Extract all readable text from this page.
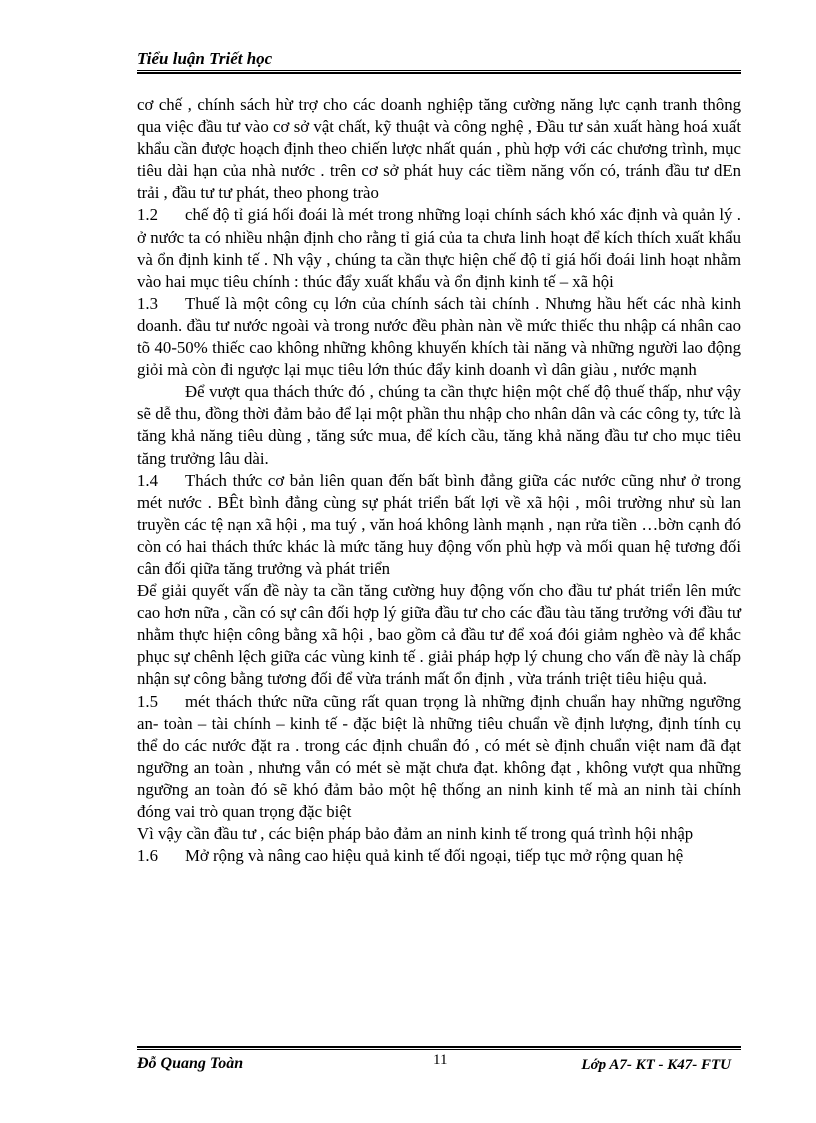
Tiểu luận Triết học

cơ chế , chính sách hừ trợ cho các doanh nghiệp tăng cường năng lực cạnh tranh thông qua việc đầu tư vào cơ sở vật chất, kỹ thuật và công nghệ , Đầu tư sản xuất hàng hoá xuất khẩu cần được hoạch định theo chiến lược nhất quán , phù hợp với các chương trình, mục tiêu dài hạn của nhà nước . trên cơ sở phát huy các tiềm năng vốn có, tránh đầu tư dEn trải , đầu tư tư phát, theo phong trào

1.2 chế độ tỉ giá hối đoái là mét trong những loại chính sách khó xác định và quản lý . ở nước ta có nhiều nhận định cho rằng tỉ giá của ta chưa linh hoạt để kích thích xuất khẩu và ổn định kinh tế . Nh vậy , chúng ta cần thực hiện chế độ tỉ giá hối đoái linh hoạt nhằm vào hai mục tiêu chính : thúc đẩy xuất khẩu và ổn định kinh tế – xã hội

1.3 Thuế là một công cụ lớn của chính sách tài chính . Nhưng hầu hết các nhà kinh doanh. đầu tư nước ngoài và trong nước đều phàn nàn về mức thiếc thu nhập cá nhân cao tõ 40-50% thiếc cao không những không khuyến khích tài năng và những người lao động giỏi mà còn đi ngược lại mục tiêu lớn thúc đẩy kinh doanh vì dân giàu , nước mạnh

Để vượt qua thách thức đó , chúng ta cần thực hiện một chế độ thuế thấp, như vậy sẽ dễ thu, đồng thời đảm bảo để lại một phần thu nhập cho nhân dân và các công ty, tức là tăng khả năng tiêu dùng , tăng sức mua, để kích cầu, tăng khả năng đầu tư cho mục tiêu tăng trưởng lâu dài.

1.4 Thách thức cơ bản liên quan đến bất bình đẳng giữa các nước cũng như ở trong mét nước . BÊt bình đẳng cùng sự phát triển bất lợi về xã hội , môi trường như sù lan truyền các tệ nạn xã hội , ma tuý , văn hoá không lành mạnh , nạn rửa tiền …bờn cạnh đó còn có hai thách thức khác là mức tăng huy động vốn phù hợp và mối quan hệ tương đối cân đối qiữa tăng trưởng và phát triển

Để giải quyết vấn đề này ta cần tăng cường huy động vốn cho đầu tư phát triển lên mức cao hơn nữa , cần có sự cân đối hợp lý giữa đầu tư cho các đầu tàu tăng trưởng với đầu tư nhằm thực hiện công bằng xã hội , bao gồm cả đầu tư để xoá đói giảm nghèo và để khắc phục sự chênh lệch giữa các vùng kinh tế . giải pháp hợp lý chung cho vấn đề này là chấp nhận sự công bằng tương đối để vừa tránh mất ổn định , vừa tránh triệt tiêu hiệu quả.

1.5 mét thách thức nữa cũng rất quan trọng là những định chuẩn hay những ngưỡng an- toàn – tài chính – kinh tế - đặc biệt là những tiêu chuẩn về định lượng, định tính cụ thể do các nước đặt ra . trong các định chuẩn đó , có mét sè định chuẩn việt nam đã đạt ngưỡng an toàn , nhưng vẫn có mét sè mặt chưa đạt. không đạt , không vượt qua những ngưỡng an toàn đó sẽ khó đảm bảo một hệ thống an ninh kinh tế mà an ninh tài chính đóng vai trò quan trọng đặc biệt

Vì vậy cần đầu tư , các biện pháp bảo đảm an ninh kinh tế trong quá trình hội nhập

1.6 Mở rộng và nâng cao hiệu quả kinh tế đối ngoại, tiếp tục mở rộng quan hệ

Đỗ Quang Toàn	11	Lớp A7- KT - K47- FTU
